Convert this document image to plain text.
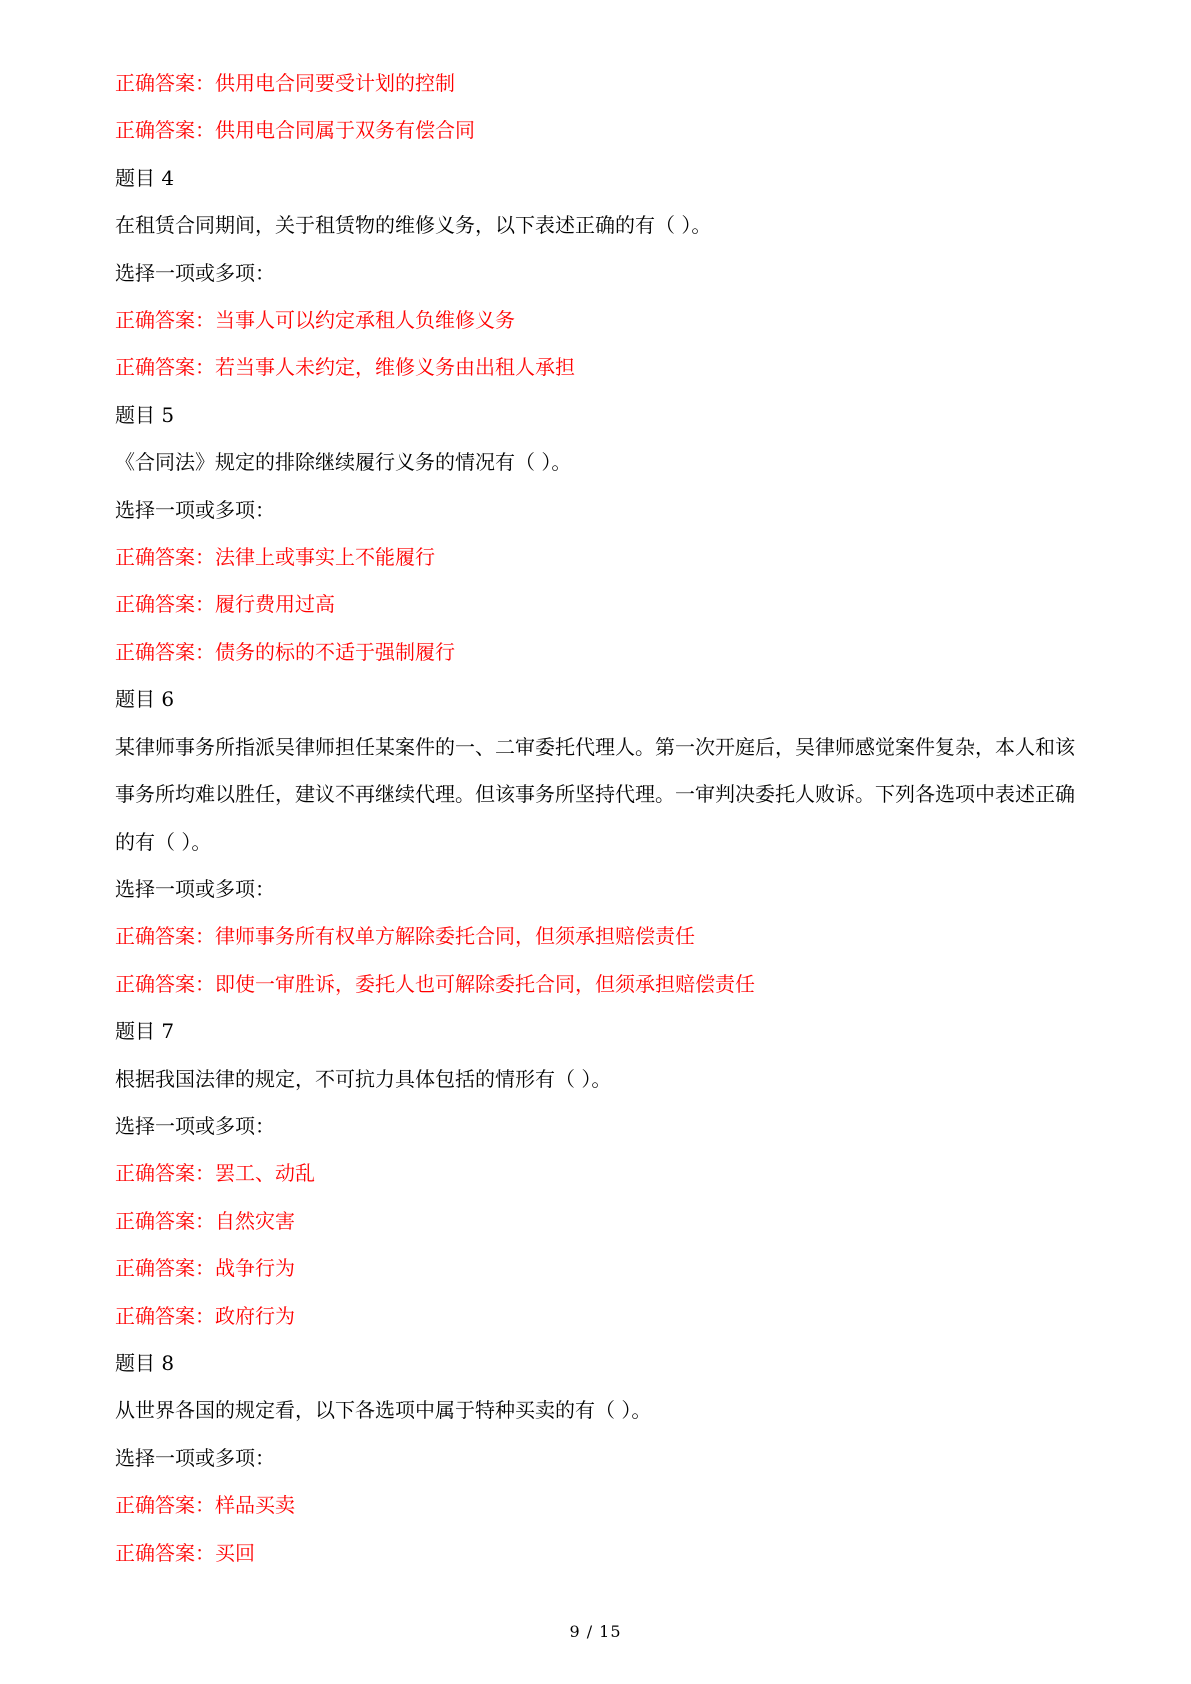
正确答案：供用电合同要受计划的控制
正确答案：供用电合同属于双务有偿合同
题目 4
在租赁合同期间，关于租赁物的维修义务，以下表述正确的有（ ）。
选择一项或多项：
正确答案：当事人可以约定承租人负维修义务
正确答案：若当事人未约定，维修义务由出租人承担
题目 5
《合同法》规定的排除继续履行义务的情况有（ ）。
选择一项或多项：
正确答案：法律上或事实上不能履行
正确答案：履行费用过高
正确答案：债务的标的不适于强制履行
题目 6
某律师事务所指派吴律师担任某案件的一、二审委托代理人。第一次开庭后，吴律师感觉案件复杂，本人和该事务所均难以胜任，建议不再继续代理。但该事务所坚持代理。一审判决委托人败诉。下列各选项中表述正确的有（ ）。
选择一项或多项：
正确答案：律师事务所有权单方解除委托合同，但须承担赔偿责任
正确答案：即使一审胜诉，委托人也可解除委托合同，但须承担赔偿责任
题目 7
根据我国法律的规定，不可抗力具体包括的情形有（ ）。
选择一项或多项：
正确答案：罢工、动乱
正确答案：自然灾害
正确答案：战争行为
正确答案：政府行为
题目 8
从世界各国的规定看，以下各选项中属于特种买卖的有（ ）。
选择一项或多项：
正确答案：样品买卖
正确答案：买回
9 / 15
